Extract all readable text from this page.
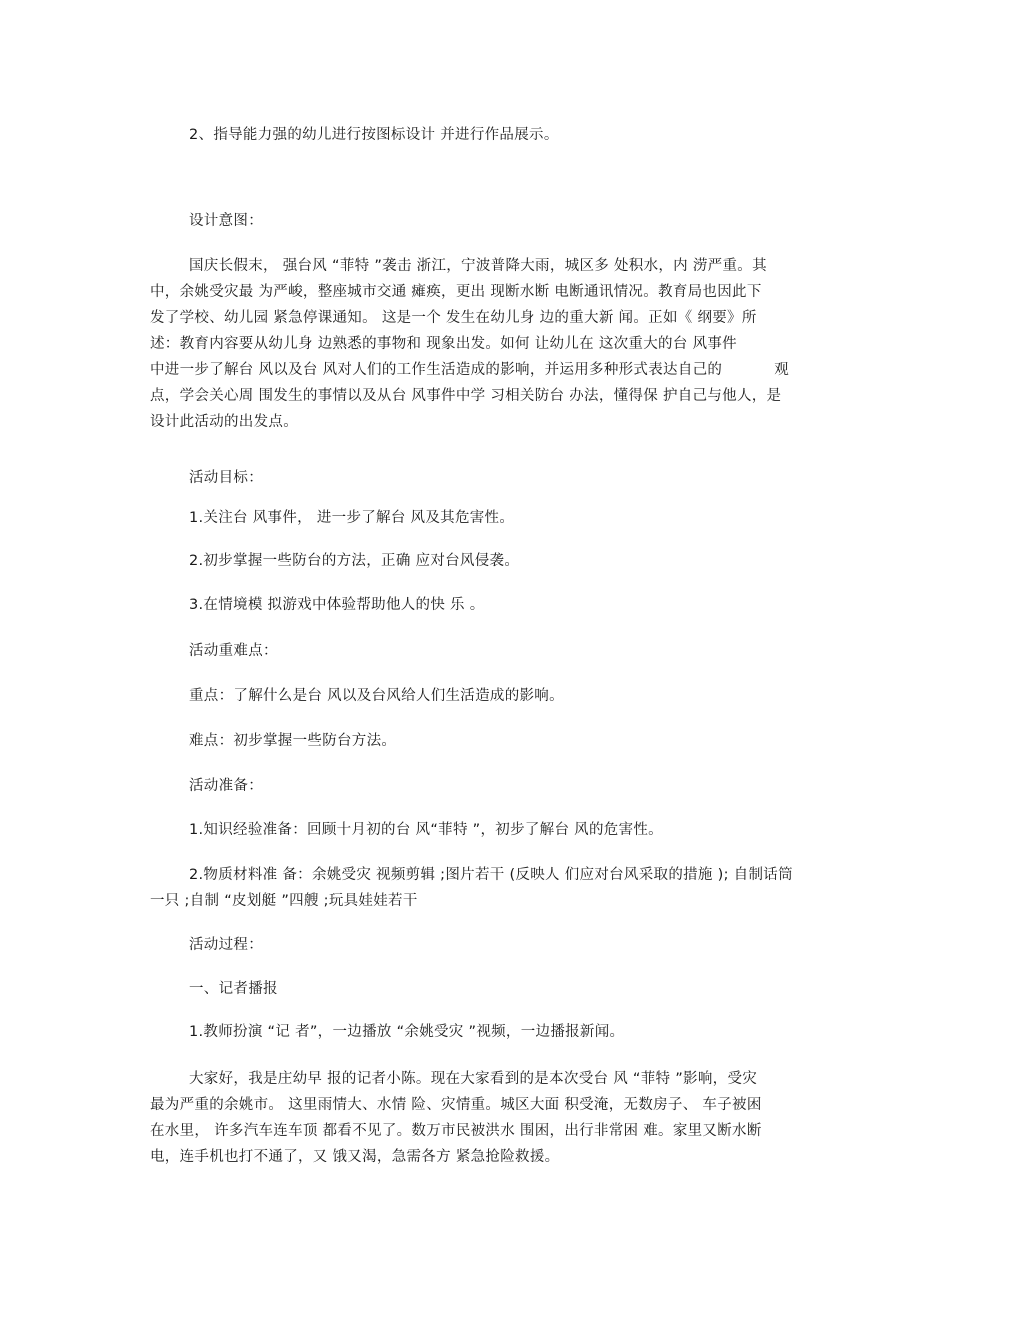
2、指导能力强的幼儿进行按图标设计 并进行作品展示。

设计意图：

国庆长假末， 强台风 “菲特 ”袭击 浙江，宁波普降大雨，城区多 处积水，内 涝严重。其
中，余姚受灾最 为严峻，整座城市交通 瘫痪，更出 现断水断 电断通讯情况。教育局也因此下
发了学校、幼儿园 紧急停课通知。 这是一个 发生在幼儿身 边的重大新 闻。正如《 纲要》所
述：教育内容要从幼儿身 边熟悉的事物和 现象出发。如何 让幼儿在 这次重大的台 风事件
中进一步了解台 风以及台 风对人们的工作生活造成的影响，并运用多种形式表达自己的	观
点，学会关心周 围发生的事情以及从台 风事件中学 习相关防台 办法，懂得保 护自己与他人，是
设计此活动的出发点。

活动目标：

1.关注台 风事件， 进一步了解台 风及其危害性。

2.初步掌握一些防台的方法，正确 应对台风侵袭。

3.在情境模 拟游戏中体验帮助他人的快 乐 。

活动重难点：

重点：了解什么是台 风以及台风给人们生活造成的影响。

难点：初步掌握一些防台方法。

活动准备：

1.知识经验准备：回顾十月初的台 风“菲特 ”，初步了解台 风的危害性。

2.物质材料准 备：余姚受灾 视频剪辑 ;图片若干 (反映人 们应对台风采取的措施 ); 自制话筒
一只 ;自制 “皮划艇 ”四艘 ;玩具娃娃若干

活动过程：

一、记者播报

1.教师扮演 “记 者”，一边播放 “余姚受灾 ”视频，一边播报新闻。

大家好，我是庄幼早 报的记者小陈。现在大家看到的是本次受台 风 “菲特 ”影响，受灾
最为严重的余姚市。 这里雨情大、水情 险、灾情重。城区大面 积受淹，无数房子、 车子被困
在水里， 许多汽车连车顶 都看不见了。数万市民被洪水 围困，出行非常困 难。家里又断水断
电，连手机也打不通了，又 饿又渴，急需各方 紧急抢险救援。
